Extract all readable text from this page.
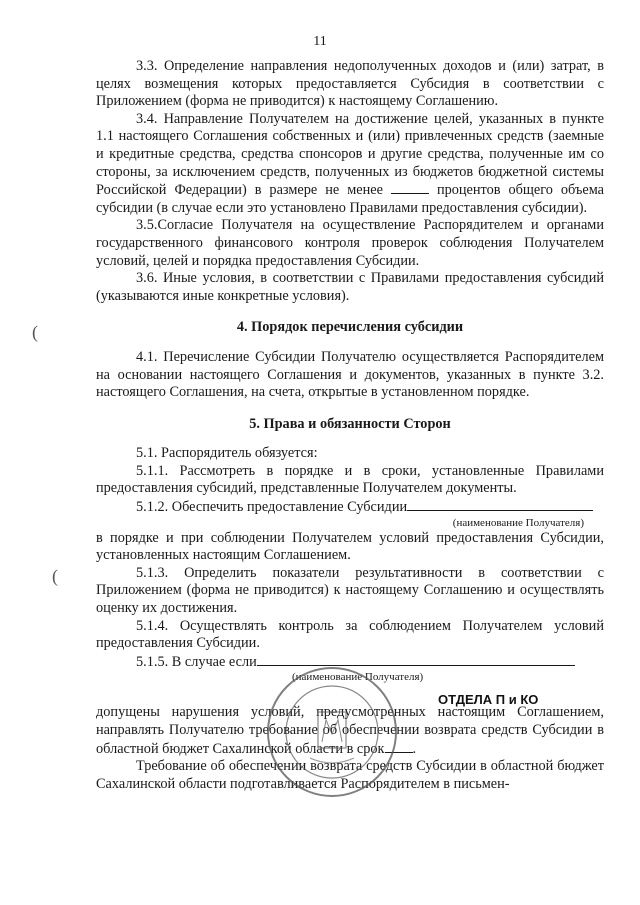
11
(
(

3.3. Определение направления недополученных доходов и (или) затрат, в целях возмещения которых предоставляется Субсидия в соответствии с Приложением (форма не приводится) к настоящему Соглашению.

3.4. Направление Получателем на достижение целей, указанных в пункте 1.1 настоящего Соглашения собственных и (или) привлеченных средств (заемные и кредитные средства, средства спонсоров и другие средства, полученные им со стороны, за исключением средств, полученных из бюджетов бюджетной системы Российской Федерации) в размере не менее	процентов общего объема субсидии (в случае если это установлено Правилами предоставления субсидии).

3.5.Согласие Получателя на осуществление Распорядителем и органами государственного финансового контроля проверок соблюдения Получателем условий, целей и порядка предоставления Субсидии.

3.6. Иные условия, в соответствии с Правилами предоставления субсидий (указываются иные конкретные условия).

4. Порядок перечисления субсидии

4.1. Перечисление Субсидии Получателю осуществляется Распорядителем на основании настоящего Соглашения и документов, указанных в пункте 3.2. настоящего Соглашения, на счета, открытые в установленном порядке.

5. Права и обязанности Сторон

5.1. Распорядитель обязуется:

5.1.1. Рассмотреть в порядке и в сроки, установленные Правилами предоставления субсидий, представленные Получателем документы.

5.1.2. Обеспечить предоставление Субсидии

(наименование Получателя)

в порядке и при соблюдении Получателем условий предоставления Субсидии, установленных настоящим Соглашением.

5.1.3. Определить показатели результативности в соответствии с Приложением (форма не приводится) к настоящему Соглашению и осуществлять оценку их достижения.

5.1.4. Осуществлять контроль за соблюдением Получателем условий предоставления Субсидии.

5.1.5. В случае если

(наименование Получателя)

допущены нарушения условий, предусмотренных настоящим Соглашением, направлять Получателю требование об обеспечении возврата средств Субсидии в областной бюджет Сахалинской области в срок .

Требование об обеспечении возврата средств Субсидии в областной бюджет Сахалинской области подготавливается Распорядителем в письмен-

ОТДЕЛА П и КО
